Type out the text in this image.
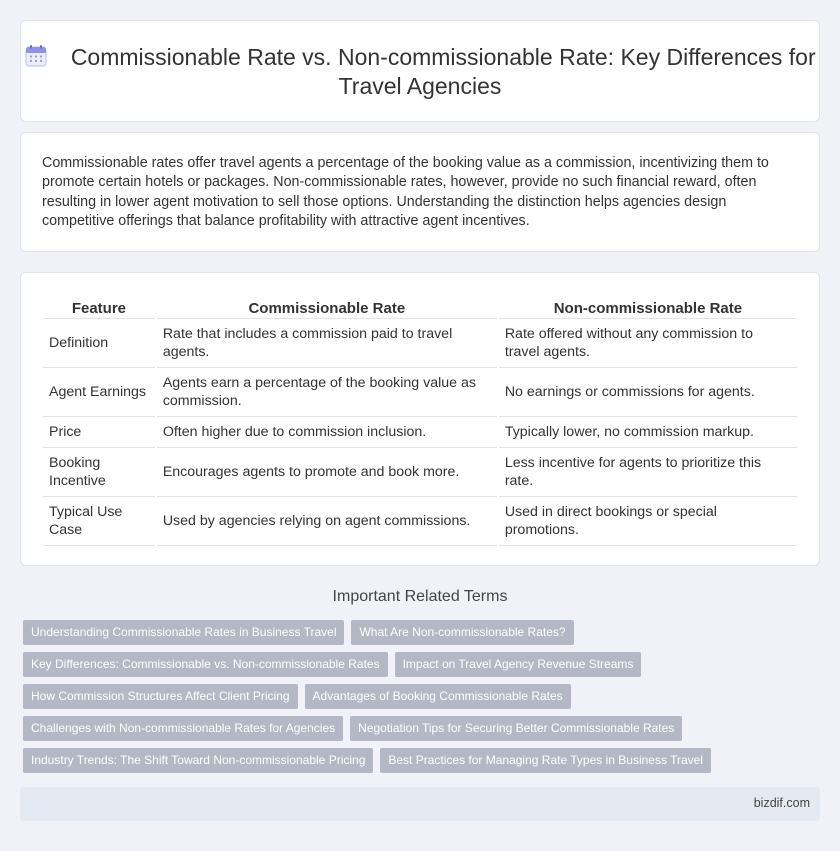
Commissionable Rate vs. Non-commissionable Rate: Key Differences for Travel Agencies

Commissionable rates offer travel agents a percentage of the booking value as a commission, incentivizing them to promote certain hotels or packages. Non-commissionable rates, however, provide no such financial reward, often resulting in lower agent motivation to sell those options. Understanding the distinction helps agencies design competitive offerings that balance profitability with attractive agent incentives.

Feature	Commissionable Rate	Non-commissionable Rate
Definition	Rate that includes a commission paid to travel agents.	Rate offered without any commission to travel agents.
Agent Earnings	Agents earn a percentage of the booking value as commission.	No earnings or commissions for agents.
Price	Often higher due to commission inclusion.	Typically lower, no commission markup.
Booking Incentive	Encourages agents to promote and book more.	Less incentive for agents to prioritize this rate.
Typical Use Case	Used by agencies relying on agent commissions.	Used in direct bookings or special promotions.
Important Related Terms
Understanding Commissionable Rates in Business Travel	What Are Non-commissionable Rates?
Key Differences: Commissionable vs. Non-commissionable Rates	Impact on Travel Agency Revenue Streams
How Commission Structures Affect Client Pricing	Advantages of Booking Commissionable Rates
Challenges with Non-commissionable Rates for Agencies	Negotiation Tips for Securing Better Commissionable Rates
Industry Trends: The Shift Toward Non-commissionable Pricing	Best Practices for Managing Rate Types in Business Travel
bizdif.com
